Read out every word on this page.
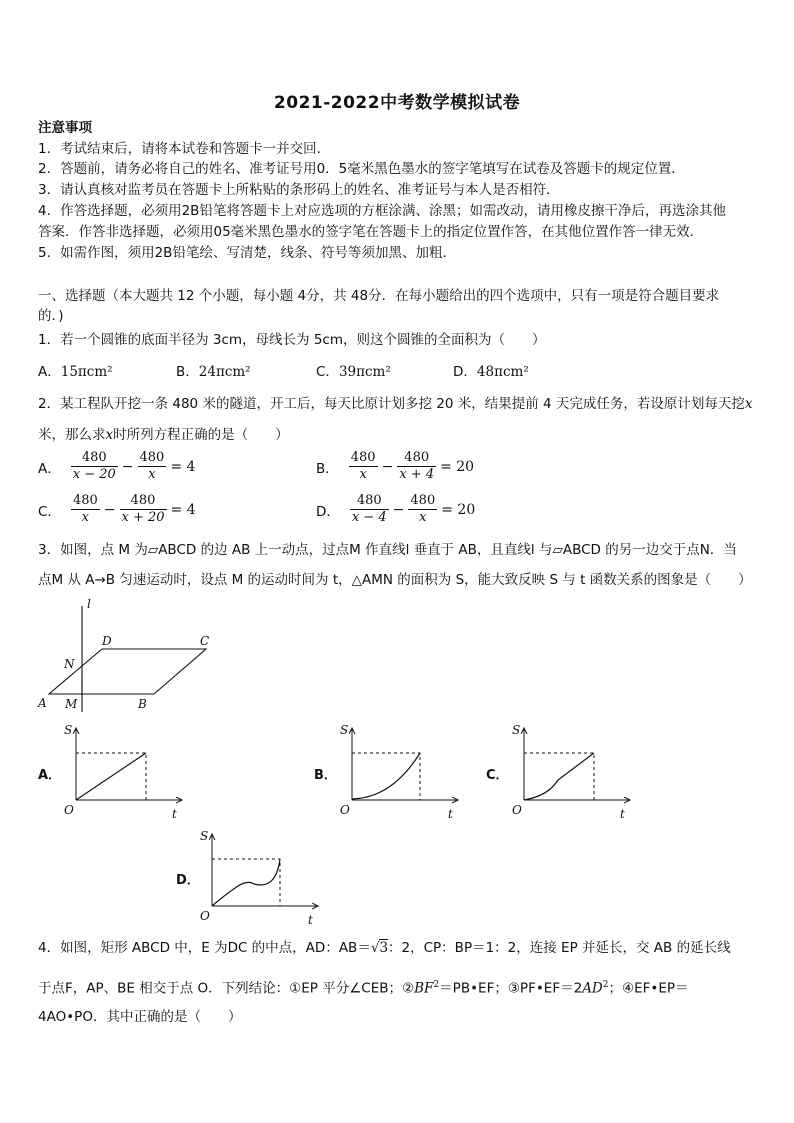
2021-2022中考数学模拟试卷
注意事项
1．考试结束后，请将本试卷和答题卡一并交回．
2．答题前，请务必将自己的姓名、准考证号用0．5毫米黑色墨水的签字笔填写在试卷及答题卡的规定位置．
3．请认真核对监考员在答题卡上所粘贴的条形码上的姓名、准考证号与本人是否相符．
4．作答选择题，必须用2B铅笔将答题卡上对应选项的方框涂满、涂黑；如需改动，请用橡皮擦干净后，再选涂其他
答案．作答非选择题，必须用05毫米黑色墨水的签字笔在答题卡上的指定位置作答，在其他位置作答一律无效．
5．如需作图，须用2B铅笔绘、写清楚，线条、符号等须加黑、加粗．
一、选择题（本大题共 12 个小题，每小题 4分，共 48分．在每小题给出的四个选项中，只有一项是符合题目要求
的．)
1．若一个圆锥的底面半径为 3cm，母线长为 5cm，则这个圆锥的全面积为（　　）
A．15πcm²	B．24πcm²	C．39πcm²	D．48πcm²
2．某工程队开挖一条 480 米的隧道，开工后，每天比原计划多挖 20 米，结果提前 4 天完成任务，若设原计划每天挖x
米，那么求x时所列方程正确的是（　　）
A． $\frac{480}{x - 20} - \frac{480}{x} = 4$	B． $\frac{480}{x} - \frac{480}{x + 4} = 20$
C． $\frac{480}{x} - \frac{480}{x + 20} = 4$	D． $\frac{480}{x - 4} - \frac{480}{x} = 20$
3．如图，点 M 为▱ABCD 的边 AB 上一动点，过点M 作直线l 垂直于 AB，且直线l 与▱ABCD 的另一边交于点N．当
点M 从 A→B 匀速运动时，设点 M 的运动时间为 t，△AMN 的面积为 S，能大致反映 S 与 t 函数关系的图象是（　　）
l
A M	B
D	C
N
A．
S
O	t
B．
S
O	t
C．
S
O	t
D．
S
O	t
4．如图，矩形 ABCD 中，E 为DC 的中点，AD：AB＝√3：2，CP：BP＝1：2，连接 EP 并延长，交 AB 的延长线
于点F，AP、BE 相交于点 O．下列结论：①EP 平分∠CEB；$②BF^2=PB•EF$；$③PF•EF=2AD^2$；④EF•EP＝
4AO•PO．其中正确的是（　　）
